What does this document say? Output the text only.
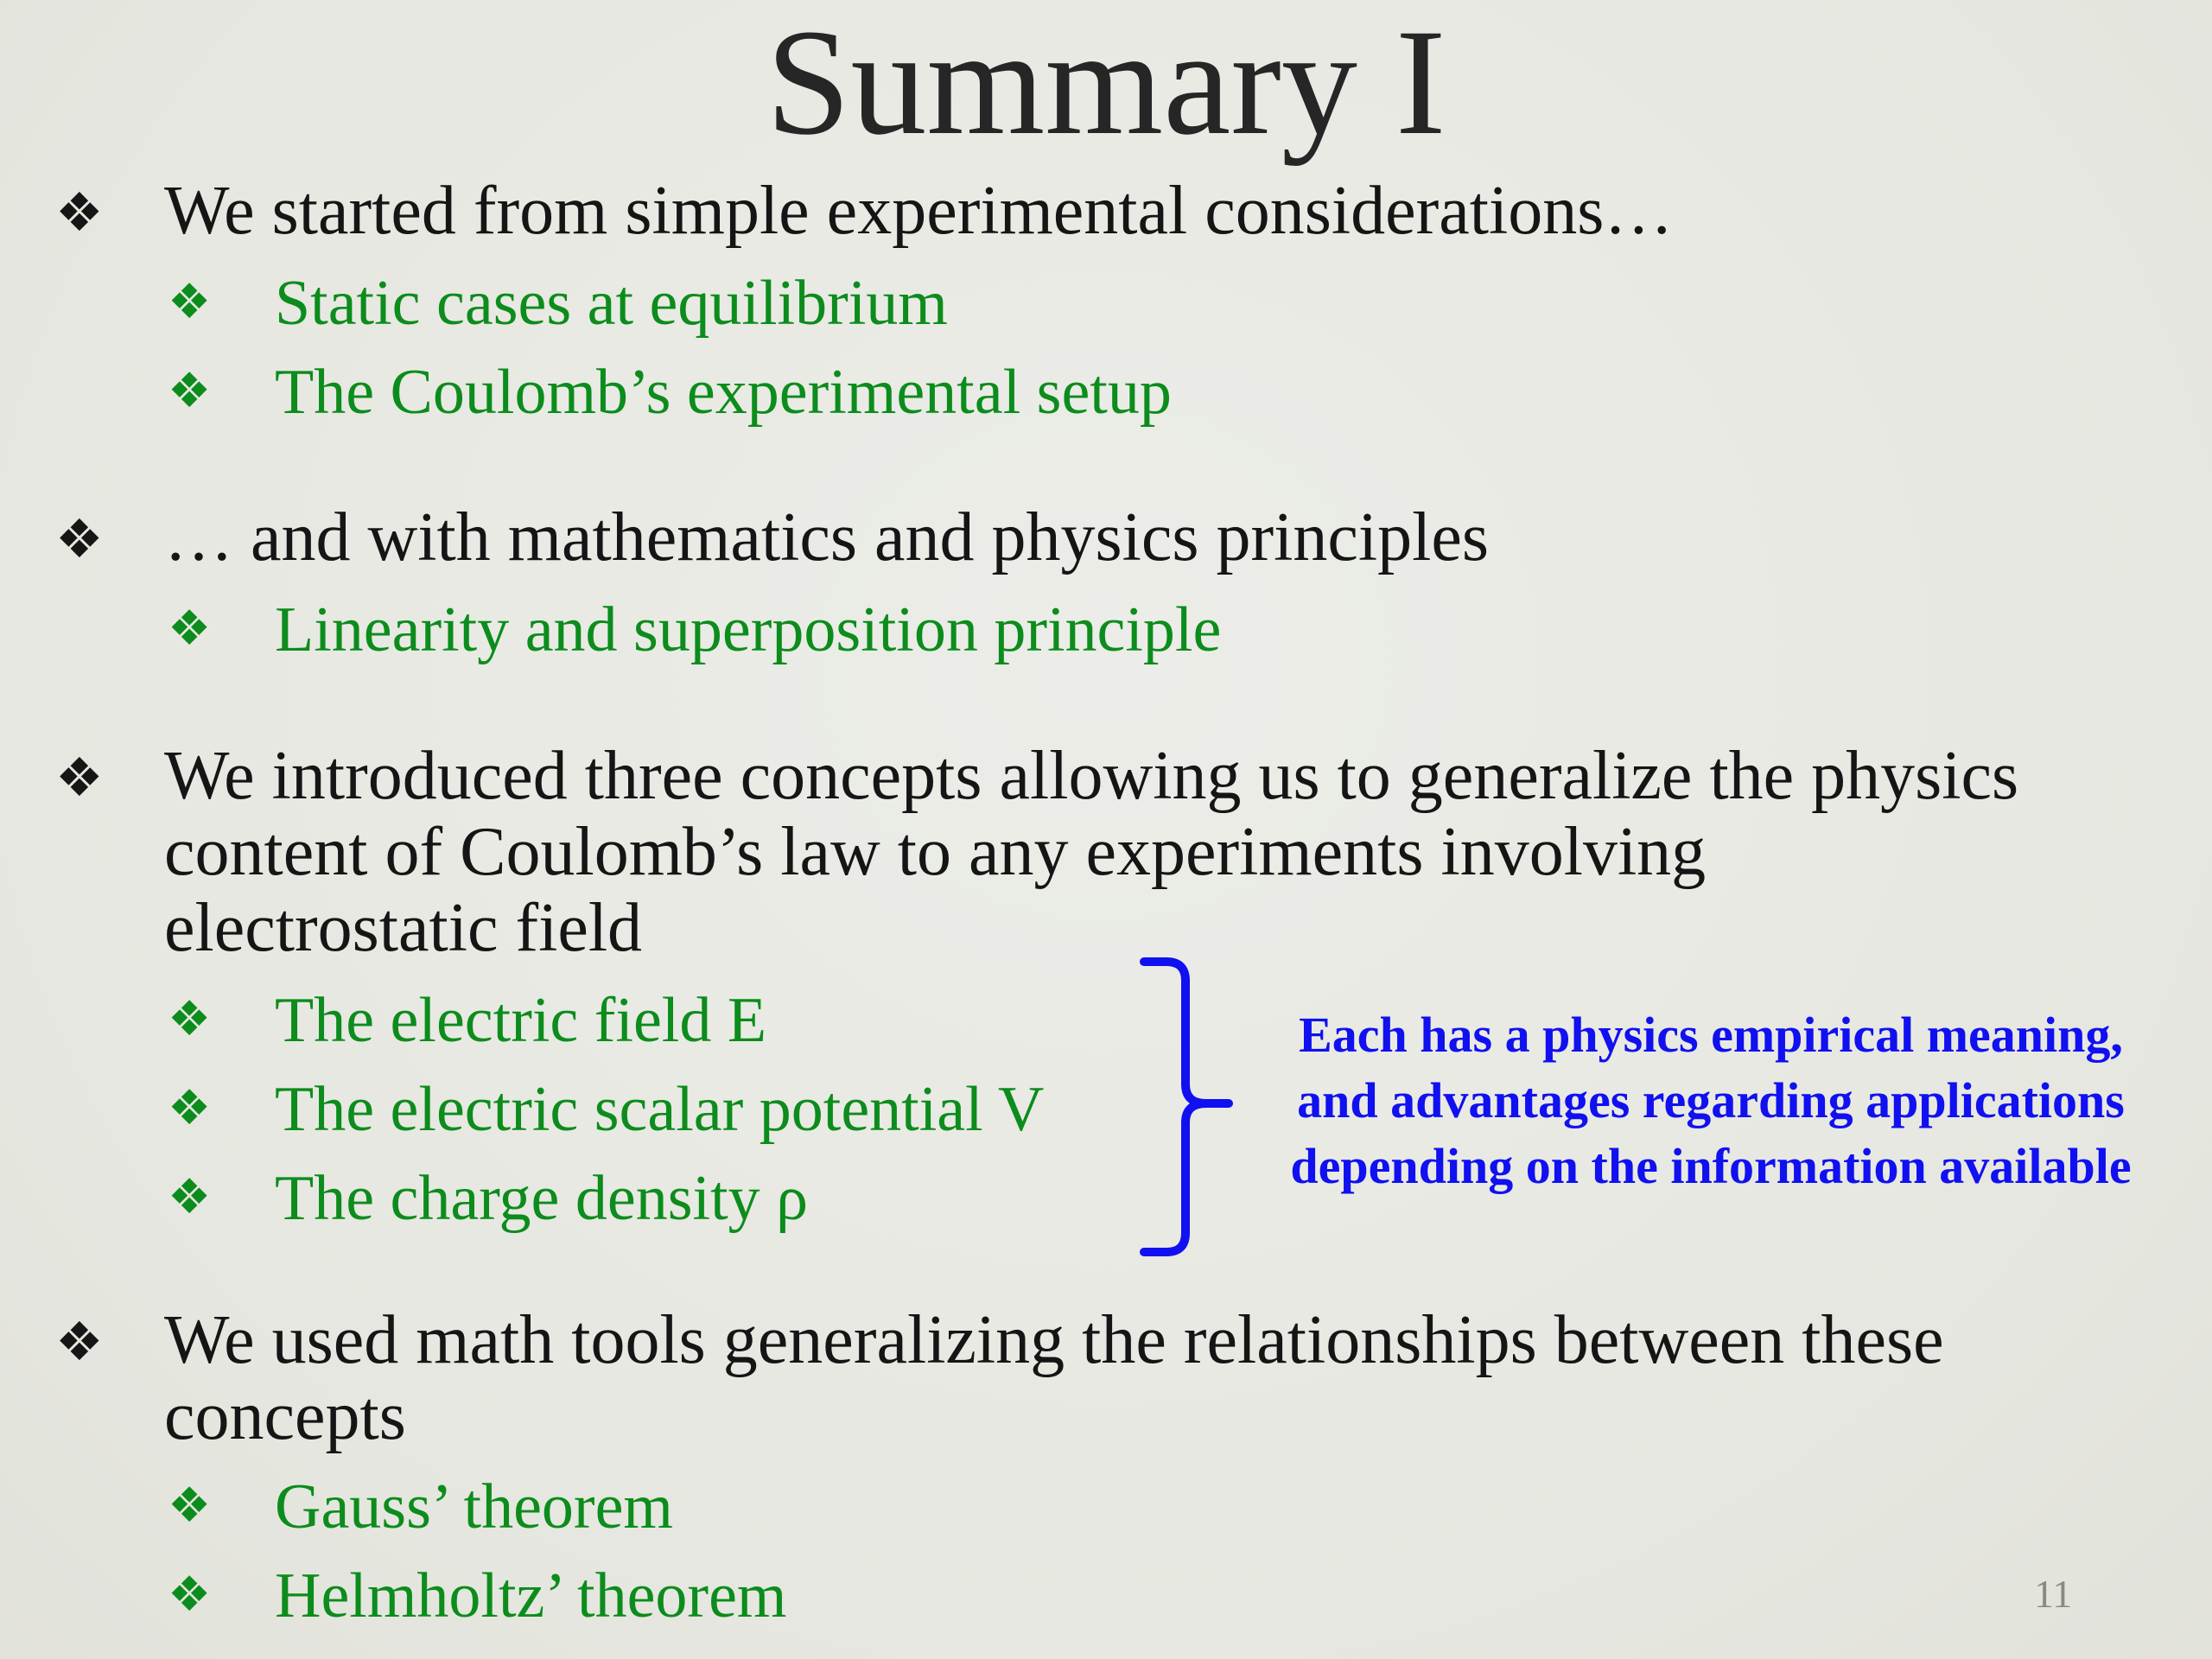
Summary I
❖ We started from simple experimental considerations…
❖ Static cases at equilibrium
❖ The Coulomb’s experimental setup
❖ … and with mathematics and physics principles
❖ Linearity and superposition principle
❖ We introduced three concepts allowing us to generalize the physics
content of Coulomb’s law to any experiments involving
electrostatic field
❖ The electric field E
❖ The electric scalar potential V
❖ The charge density ρ
Each has a physics empirical meaning,
and advantages regarding applications
depending on the information available
❖ We used math tools generalizing the relationships between these
concepts
❖ Gauss’ theorem
❖ Helmholtz’ theorem	11
